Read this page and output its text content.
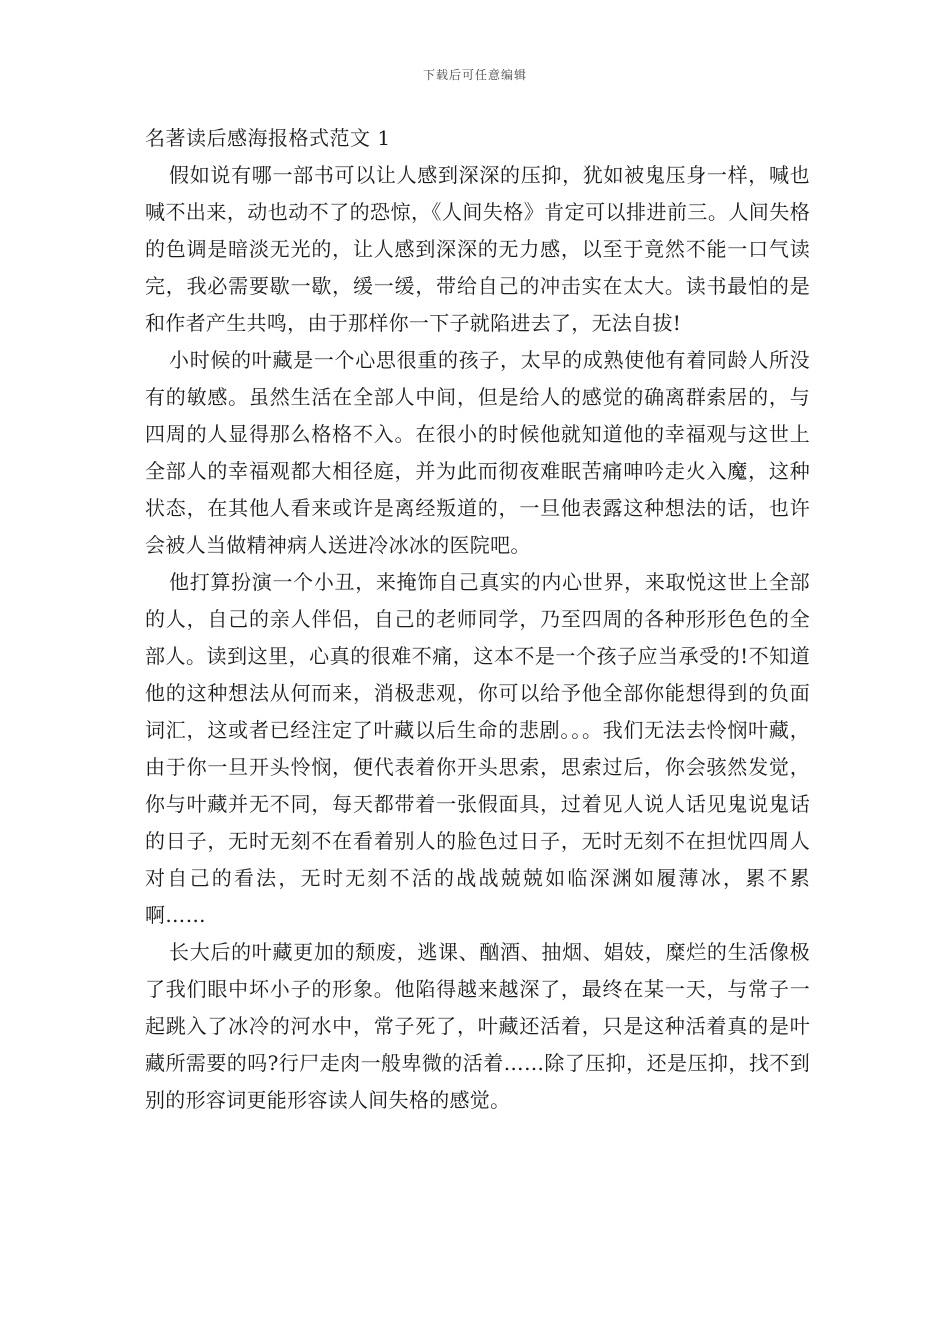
下载后可任意编辑
名著读后感海报格式范文 1

假如说有哪一部书可以让人感到深深的压抑，犹如被鬼压身一样，喊也喊不出来，动也动不了的恐惊，《人间失格》肯定可以排进前三。人间失格的色调是暗淡无光的，让人感到深深的无力感，以至于竟然不能一口气读完，我必需要歇一歇，缓一缓，带给自己的冲击实在太大。读书最怕的是和作者产生共鸣，由于那样你一下子就陷进去了，无法自拔!

小时候的叶藏是一个心思很重的孩子，太早的成熟使他有着同龄人所没有的敏感。虽然生活在全部人中间，但是给人的感觉的确离群索居的，与四周的人显得那么格格不入。在很小的时候他就知道他的幸福观与这世上全部人的幸福观都大相径庭，并为此而彻夜难眠苦痛呻吟走火入魔，这种状态，在其他人看来或许是离经叛道的，一旦他表露这种想法的话，也许会被人当做精神病人送进冷冰冰的医院吧。

他打算扮演一个小丑，来掩饰自己真实的内心世界，来取悦这世上全部的人，自己的亲人伴侣，自己的老师同学，乃至四周的各种形形色色的全部人。读到这里，心真的很难不痛，这本不是一个孩子应当承受的!不知道他的这种想法从何而来，消极悲观，你可以给予他全部你能想得到的负面词汇，这或者已经注定了叶藏以后生命的悲剧。。。我们无法去怜悯叶藏，由于你一旦开头怜悯，便代表着你开头思索，思索过后，你会骇然发觉，你与叶藏并无不同，每天都带着一张假面具，过着见人说人话见鬼说鬼话的日子，无时无刻不在看着别人的脸色过日子，无时无刻不在担忧四周人对自己的看法，无时无刻不活的战战兢兢如临深渊如履薄冰，累不累啊……

长大后的叶藏更加的颓废，逃课、酗酒、抽烟、娼妓，糜烂的生活像极了我们眼中坏小子的形象。他陷得越来越深了，最终在某一天，与常子一起跳入了冰冷的河水中，常子死了，叶藏还活着，只是这种活着真的是叶藏所需要的吗?行尸走肉一般卑微的活着……除了压抑，还是压抑，找不到别的形容词更能形容读人间失格的感觉。
